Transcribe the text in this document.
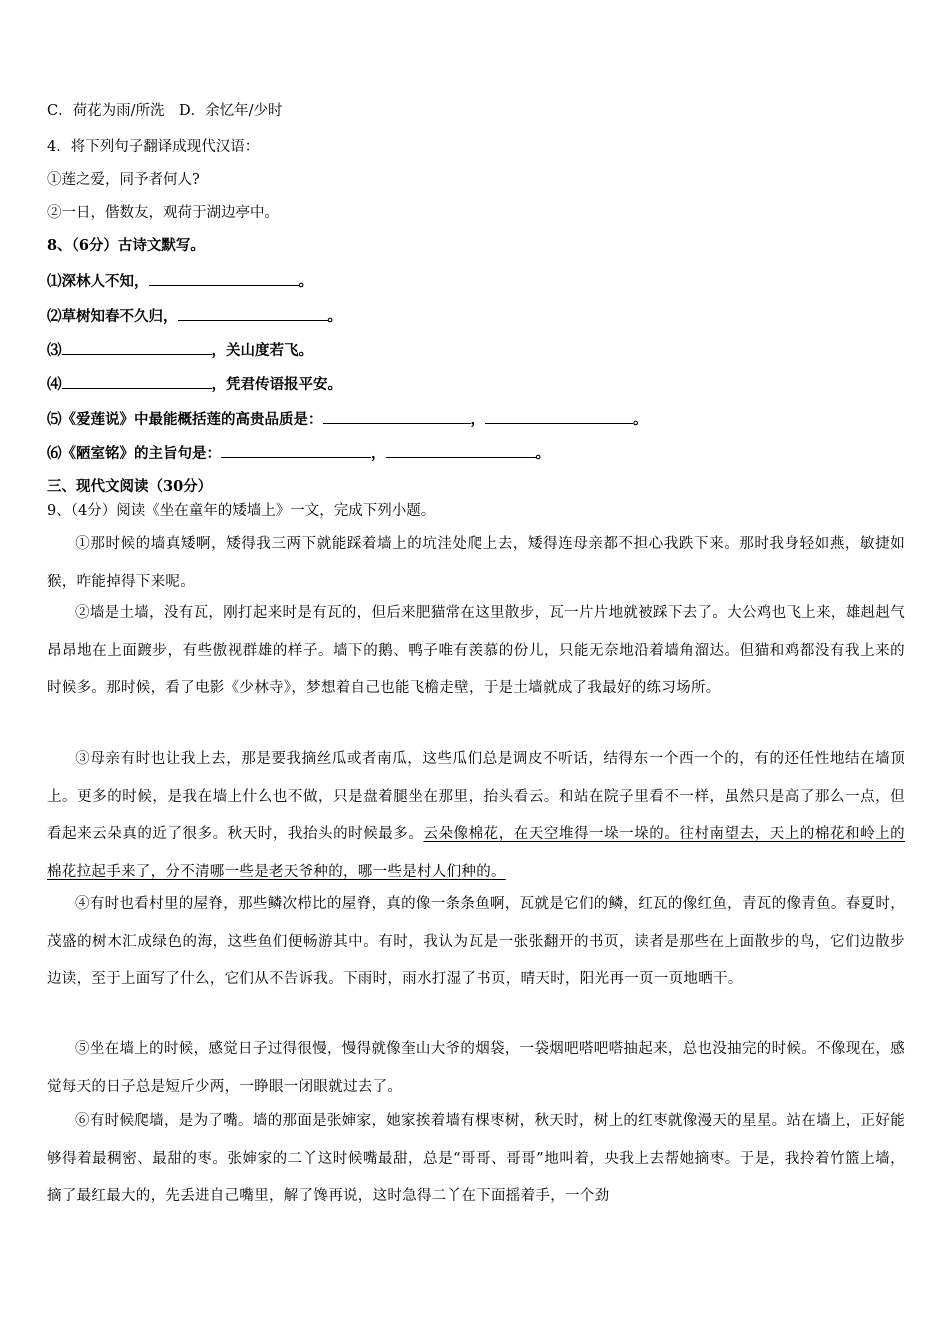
C．荷花为雨/所洗　D．余忆年/少时
4．将下列句子翻译成现代汉语：
①莲之爱，同予者何人?
②一日，偕数友，观荷于湖边亭中。
8、（6分）古诗文默写。
⑴深林人不知，	。
⑵草树知春不久归，	。
⑶	，关山度若飞。
⑷	，凭君传语报平安。
⑸《爱莲说》中最能概括莲的高贵品质是：	，	。
⑹《陋室铭》的主旨句是：	，	。
三、现代文阅读（30分）
9、（4分）阅读《坐在童年的矮墙上》一文，完成下列小题。
①那时候的墙真矮啊，矮得我三两下就能踩着墙上的坑洼处爬上去，矮得连母亲都不担心我跌下来。那时我身轻如燕，敏捷如猴，咋能掉得下来呢。
②墙是土墙，没有瓦，刚打起来时是有瓦的，但后来肥猫常在这里散步，瓦一片片地就被踩下去了。大公鸡也飞上来，雄赳赳气昂昂地在上面踱步，有些傲视群雄的样子。墙下的鹅、鸭子唯有羡慕的份儿，只能无奈地沿着墙角溜达。但猫和鸡都没有我上来的时候多。那时候，看了电影《少林寺》，梦想着自己也能飞檐走壁，于是土墙就成了我最好的练习场所。
③母亲有时也让我上去，那是要我摘丝瓜或者南瓜，这些瓜们总是调皮不听话，结得东一个西一个的，有的还任性地结在墙顶上。更多的时候，是我在墙上什么也不做，只是盘着腿坐在那里，抬头看云。和站在院子里看不一样，虽然只是高了那么一点，但看起来云朵真的近了很多。秋天时，我抬头的时候最多。云朵像棉花，在天空堆得一垛一垛的。往村南望去，天上的棉花和岭上的棉花拉起手来了，分不清哪一些是老天爷种的，哪一些是村人们种的。
④有时也看村里的屋脊，那些鳞次栉比的屋脊，真的像一条条鱼啊，瓦就是它们的鳞，红瓦的像红鱼，青瓦的像青鱼。春夏时，茂盛的树木汇成绿色的海，这些鱼们便畅游其中。有时，我认为瓦是一张张翻开的书页，读者是那些在上面散步的鸟，它们边散步边读，至于上面写了什么，它们从不告诉我。下雨时，雨水打湿了书页，晴天时，阳光再一页一页地晒干。
⑤坐在墙上的时候，感觉日子过得很慢，慢得就像奎山大爷的烟袋，一袋烟吧嗒吧嗒抽起来，总也没抽完的时候。不像现在，感觉每天的日子总是短斤少两，一睁眼一闭眼就过去了。
⑥有时候爬墙，是为了嘴。墙的那面是张婶家，她家挨着墙有棵枣树，秋天时，树上的红枣就像漫天的星星。站在墙上，正好能够得着最稠密、最甜的枣。张婶家的二丫这时候嘴最甜，总是“哥哥、哥哥”地叫着，央我上去帮她摘枣。于是，我拎着竹篮上墙，摘了最红最大的，先丢进自己嘴里，解了馋再说，这时急得二丫在下面摇着手，一个劲
